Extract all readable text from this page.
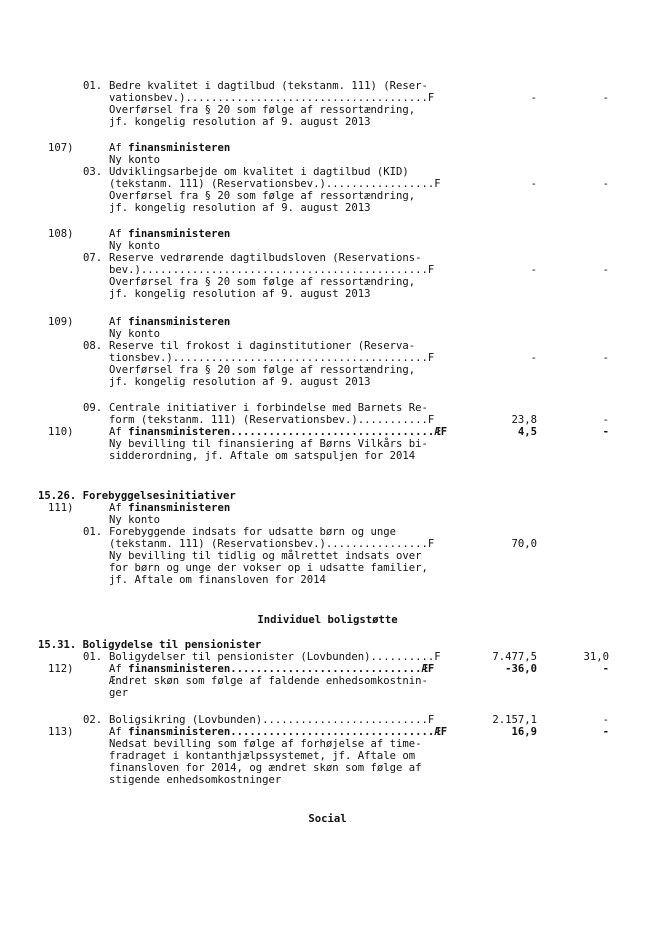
01. Bedre kvalitet i dagtilbud (tekstanm. 111) (Reser-
vationsbev.)......................................F	-	-
Overførsel fra § 20 som følge af ressortændring,
jf. kongelig resolution af 9. august 2013
107)	Af finansministeren
Ny konto
03. Udviklingsarbejde om kvalitet i dagtilbud (KID)
(tekstanm. 111) (Reservationsbev.).................F	-	-
Overførsel fra § 20 som følge af ressortændring,
jf. kongelig resolution af 9. august 2013
108)	Af finansministeren
Ny konto
07. Reserve vedrørende dagtilbudsloven (Reservations-
bev.).............................................F	-	-
Overførsel fra § 20 som følge af ressortændring,
jf. kongelig resolution af 9. august 2013
109)	Af finansministeren
Ny konto
08. Reserve til frokost i daginstitutioner (Reserva-
tionsbev.)........................................F	-	-
Overførsel fra § 20 som følge af ressortændring,
jf. kongelig resolution af 9. august 2013
09. Centrale initiativer i forbindelse med Barnets Re-
form (tekstanm. 111) (Reservationsbev.)...........F	23,8	-
110)	Af finansministeren................................ÆF	4,5	-
Ny bevilling til finansiering af Børns Vilkårs bi-
sidderordning, jf. Aftale om satspuljen for 2014
15.26. Forebyggelsesinitiativer
111)	Af finansministeren
Ny konto
01. Forebyggende indsats for udsatte børn og unge
(tekstanm. 111) (Reservationsbev.)................F	70,0
Ny bevilling til tidlig og målrettet indsats over
for børn og unge der vokser op i udsatte familier,
jf. Aftale om finansloven for 2014
Individuel boligstøtte
15.31. Boligydelse til pensionister
01. Boligydelser til pensionister (Lovbunden)..........F	7.477,5	31,0
112)	Af finansministeren..............................ÆF	-36,0	-
Ændret skøn som følge af faldende enhedsomkostnin-
ger
02. Boligsikring (Lovbunden)..........................F	2.157,1	-
113)	Af finansministeren................................ÆF	16,9	-
Nedsat bevilling som følge af forhøjelse af time-
fradraget i kontanthjælpssystemet, jf. Aftale om
finansloven for 2014, og ændret skøn som følge af
stigende enhedsomkostninger
Social
